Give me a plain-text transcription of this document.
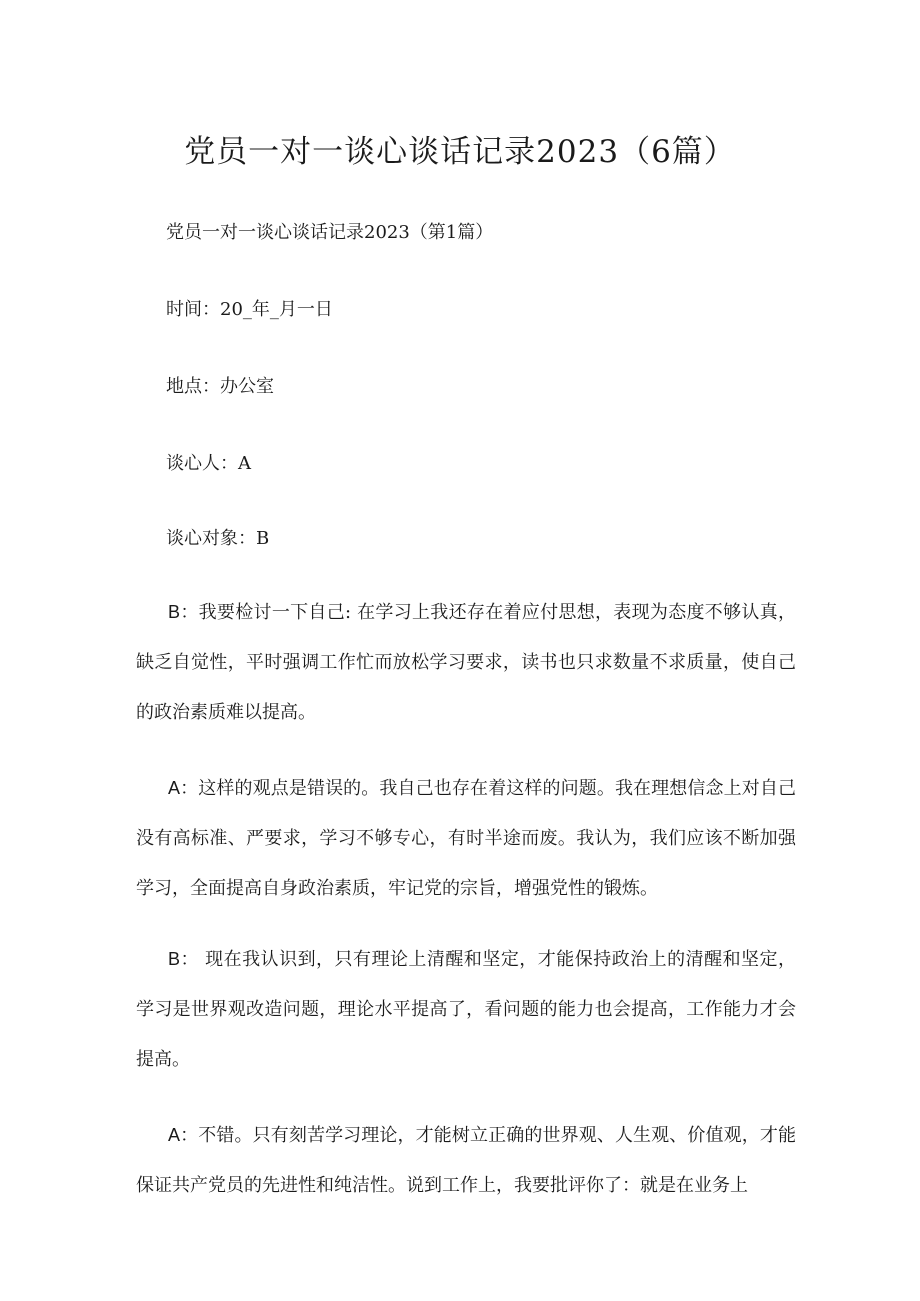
党员一对一谈心谈话记录2023（6篇）

党员一对一谈心谈话记录2023（第1篇）

时间：20_年_月一日

地点：办公室

谈心人：A

谈心对象：B

B：我要检讨一下自己: 在学习上我还存在着应付思想，表现为态度不够认真，缺乏自觉性，平时强调工作忙而放松学习要求，读书也只求数量不求质量，使自己的政治素质难以提高。

A：这样的观点是错误的。我自己也存在着这样的问题。我在理想信念上对自己没有高标准、严要求，学习不够专心，有时半途而废。我认为，我们应该不断加强学习，全面提高自身政治素质，牢记党的宗旨，增强党性的锻炼。

B： 现在我认识到，只有理论上清醒和坚定，才能保持政治上的清醒和坚定，学习是世界观改造问题，理论水平提高了，看问题的能力也会提高，工作能力才会提高。

A：不错。只有刻苦学习理论，才能树立正确的世界观、人生观、价值观，才能保证共产党员的先进性和纯洁性。说到工作上，我要批评你了：就是在业务上
